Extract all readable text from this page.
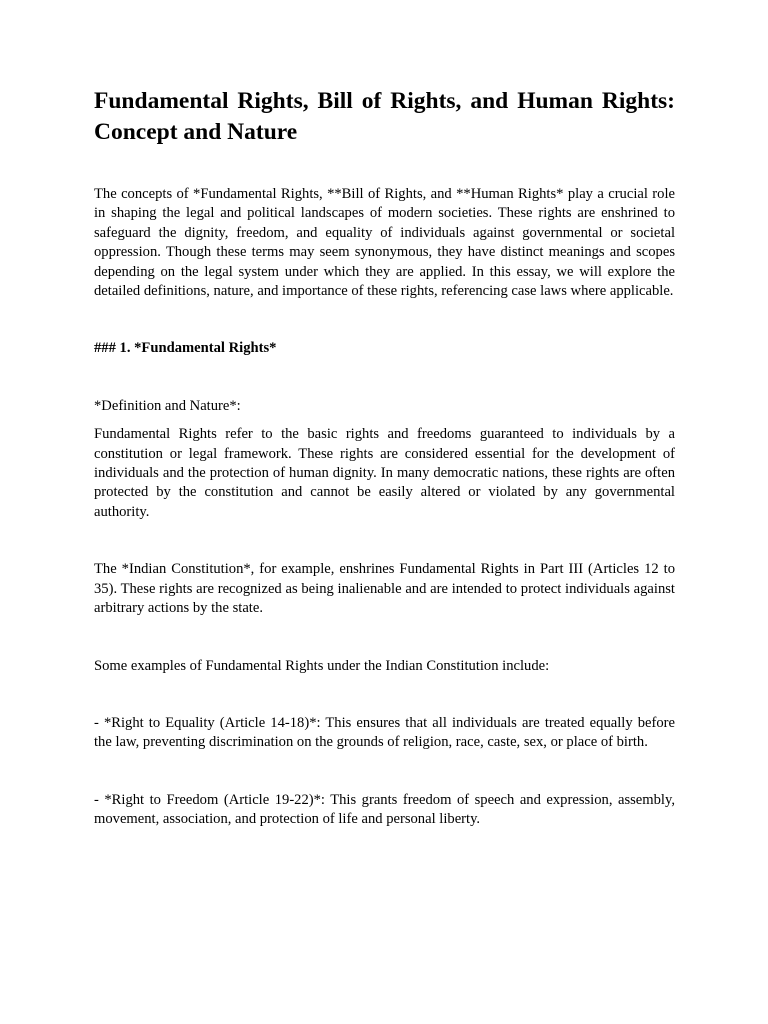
Fundamental Rights, Bill of Rights, and Human Rights: Concept and Nature

The concepts of *Fundamental Rights, **Bill of Rights, and **Human Rights* play a crucial role in shaping the legal and political landscapes of modern societies. These rights are enshrined to safeguard the dignity, freedom, and equality of individuals against governmental or societal oppression. Though these terms may seem synonymous, they have distinct meanings and scopes depending on the legal system under which they are applied. In this essay, we will explore the detailed definitions, nature, and importance of these rights, referencing case laws where applicable.

### 1. *Fundamental Rights*

*Definition and Nature*:

Fundamental Rights refer to the basic rights and freedoms guaranteed to individuals by a constitution or legal framework. These rights are considered essential for the development of individuals and the protection of human dignity. In many democratic nations, these rights are often protected by the constitution and cannot be easily altered or violated by any governmental authority.

The *Indian Constitution*, for example, enshrines Fundamental Rights in Part III (Articles 12 to 35). These rights are recognized as being inalienable and are intended to protect individuals against arbitrary actions by the state.

Some examples of Fundamental Rights under the Indian Constitution include:

- *Right to Equality (Article 14-18)*: This ensures that all individuals are treated equally before the law, preventing discrimination on the grounds of religion, race, caste, sex, or place of birth.

- *Right to Freedom (Article 19-22)*: This grants freedom of speech and expression, assembly, movement, association, and protection of life and personal liberty.
